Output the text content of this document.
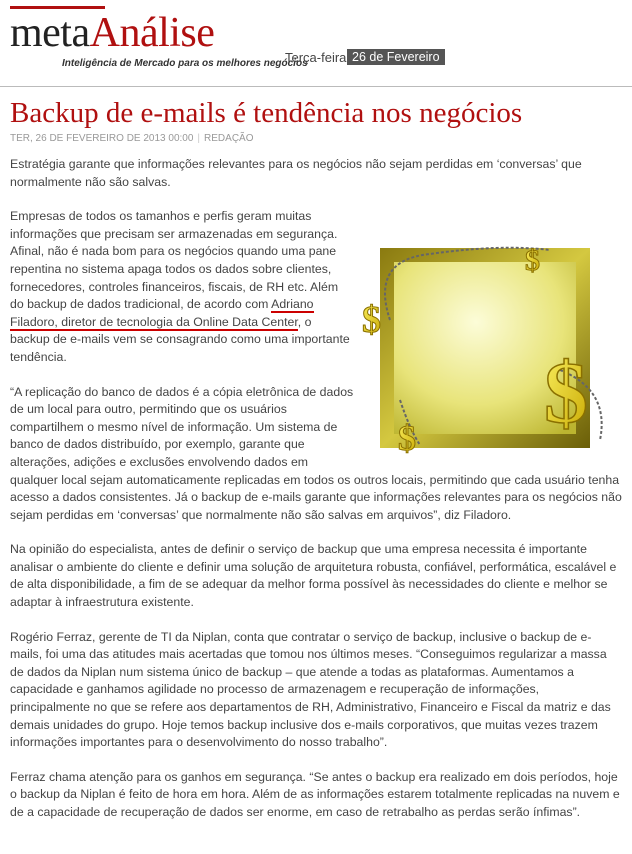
metaAnálise
Inteligência de Mercado para os melhores negócios
Terça-feira 26 de Fevereiro
Backup de e-mails é tendência nos negócios
TER, 26 DE FEVEREIRO DE 2013 00:00 | REDAÇÃO

Estratégia garante que informações relevantes para os negócios não sejam perdidas em ‘conversas’ que normalmente não são salvas.

$
$
$
$

Empresas de todos os tamanhos e perfis geram muitas informações que precisam ser armazenadas em segurança. Afinal, não é nada bom para os negócios quando uma pane repentina no sistema apaga todos os dados sobre clientes, fornecedores, controles financeiros, fiscais, de RH etc. Além do backup de dados tradicional, de acordo com Adriano Filadoro, diretor de tecnologia da Online Data Center, o backup de e-mails vem se consagrando como uma importante tendência.

“A replicação do banco de dados é a cópia eletrônica de dados de um local para outro, permitindo que os usuários compartilhem o mesmo nível de informação. Um sistema de banco de dados distribuído, por exemplo, garante que alterações, adições e exclusões envolvendo dados em qualquer local sejam automaticamente replicadas em todos os outros locais, permitindo que cada usuário tenha acesso a dados consistentes. Já o backup de e-mails garante que informações relevantes para os negócios não sejam perdidas em ‘conversas’ que normalmente não são salvas em arquivos”, diz Filadoro.

Na opinião do especialista, antes de definir o serviço de backup que uma empresa necessita é importante analisar o ambiente do cliente e definir uma solução de arquitetura robusta, confiável, performática, escalável e de alta disponibilidade, a fim de se adequar da melhor forma possível às necessidades do cliente e melhor se adaptar à infraestrutura existente.

Rogério Ferraz, gerente de TI da Niplan, conta que contratar o serviço de backup, inclusive o backup de e-mails, foi uma das atitudes mais acertadas que tomou nos últimos meses. “Conseguimos regularizar a massa de dados da Niplan num sistema único de backup – que atende a todas as plataformas. Aumentamos a capacidade e ganhamos agilidade no processo de armazenagem e recuperação de informações, principalmente no que se refere aos departamentos de RH, Administrativo, Financeiro e Fiscal da matriz e das demais unidades do grupo. Hoje temos backup inclusive dos e-mails corporativos, que muitas vezes trazem informações importantes para o desenvolvimento do nosso trabalho”.

Ferraz chama atenção para os ganhos em segurança. “Se antes o backup era realizado em dois períodos, hoje o backup da Niplan é feito de hora em hora. Além de as informações estarem totalmente replicadas na nuvem e de a capacidade de recuperação de dados ser enorme, em caso de retrabalho as perdas serão ínfimas”.
